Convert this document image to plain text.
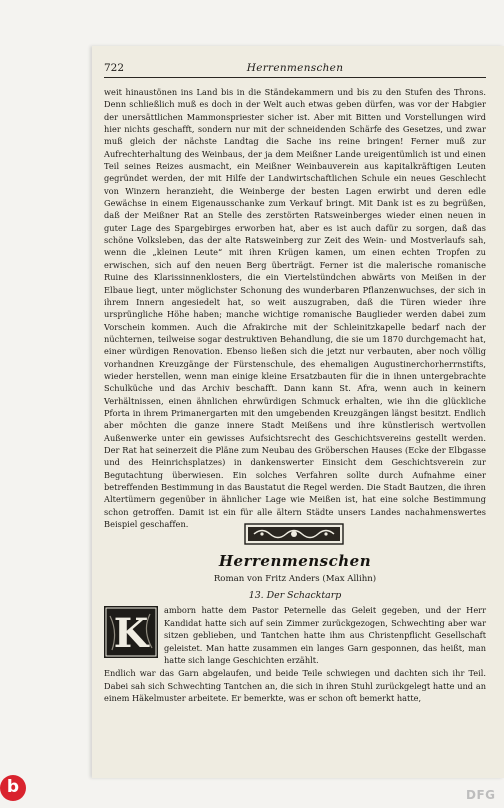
722	Herrenmenschen

weit hinaustönen ins Land bis in die Ständekammern und bis zu den Stufen des Throns. Denn schließlich muß es doch in der Welt auch etwas geben dürfen, was vor der Habgier der unersättlichen Mammonspriester sicher ist. Aber mit Bitten und Vorstellungen wird hier nichts geschafft, sondern nur mit der schneidenden Schärfe des Gesetzes, und zwar muß gleich der nächste Landtag die Sache ins reine bringen! Ferner muß zur Aufrechterhaltung des Weinbaus, der ja dem Meißner Lande ureigentümlich ist und einen Teil seines Reizes ausmacht, ein Meißner Weinbauverein aus kapitalkräftigen Leuten gegründet werden, der mit Hilfe der Landwirtschaftlichen Schule ein neues Geschlecht von Winzern heranzieht, die Weinberge der besten Lagen erwirbt und deren edle Gewächse in einem Eigenausschanke zum Verkauf bringt. Mit Dank ist es zu begrüßen, daß der Meißner Rat an Stelle des zerstörten Ratsweinberges wieder einen neuen in guter Lage des Spargebirges erworben hat, aber es ist auch dafür zu sorgen, daß das schöne Volksleben, das der alte Ratsweinberg zur Zeit des Wein- und Mostverlaufs sah, wenn die „kleinen Leute“ mit ihren Krügen kamen, um einen echten Tropfen zu erwischen, sich auf den neuen Berg überträgt. Ferner ist die malerische romanische Ruine des Klarissinnenklosters, die ein Viertelstündchen abwärts von Meißen in der Elbaue liegt, unter möglichster Schonung des wunderbaren Pflanzenwuchses, der sich in ihrem Innern angesiedelt hat, so weit auszugraben, daß die Türen wieder ihre ursprüngliche Höhe haben; manche wichtige romanische Bauglieder werden dabei zum Vorschein kommen. Auch die Afrakirche mit der Schleinitzkapelle bedarf nach der nüchternen, teilweise sogar destruktiven Behandlung, die sie um 1870 durchgemacht hat, einer würdigen Renovation. Ebenso ließen sich die jetzt nur verbauten, aber noch völlig vorhandnen Kreuzgänge der Fürstenschule, des ehemaligen Augustinerchorherrnstifts, wieder herstellen, wenn man einige kleine Ersatzbauten für die in ihnen untergebrachte Schulküche und das Archiv beschafft. Dann kann St. Afra, wenn auch in keinern Verhältnissen, einen ähnlichen ehrwürdigen Schmuck erhalten, wie ihn die glückliche Pforta in ihrem Primanergarten mit den umgebenden Kreuzgängen längst besitzt. Endlich aber möchten die ganze innere Stadt Meißens und ihre künstlerisch wertvollen Außenwerke unter ein gewisses Aufsichtsrecht des Geschichtsvereins gestellt werden. Der Rat hat seinerzeit die Pläne zum Neubau des Gröberschen Hauses (Ecke der Elbgasse und des Heinrichsplatzes) in dankenswerter Einsicht dem Geschichtsverein zur Begutachtung überwiesen. Ein solches Verfahren sollte durch Aufnahme einer betreffenden Bestimmung in das Baustatut die Regel werden. Die Stadt Bautzen, die ihren Altertümern gegenüber in ähnlicher Lage wie Meißen ist, hat eine solche Bestimmung schon getroffen. Damit ist ein für alle ältern Städte unsers Landes nachahmenswertes Beispiel geschaffen.

Herrenmenschen
Roman von Fritz Anders (Max Allihn)
13. Der Schacktarp
K amborn hatte dem Pastor Peternelle das Geleit gegeben, und der Herr Kandidat hatte sich auf sein Zimmer zurückgezogen, Schwechting aber war sitzen geblieben, und Tantchen hatte ihm aus Christenpflicht Gesellschaft geleistet. Man hatte zusammen ein langes Garn gesponnen, das heißt, man hatte sich lange Geschichten erzählt.
Endlich war das Garn abgelaufen, und beide Teile schwiegen und dachten sich ihr Teil. Dabei sah sich Schwechting Tantchen an, die sich in ihren Stuhl zurückgelegt hatte und an einem Häkelmuster arbeitete. Er bemerkte, was er schon oft bemerkt hatte,
b	DFG
